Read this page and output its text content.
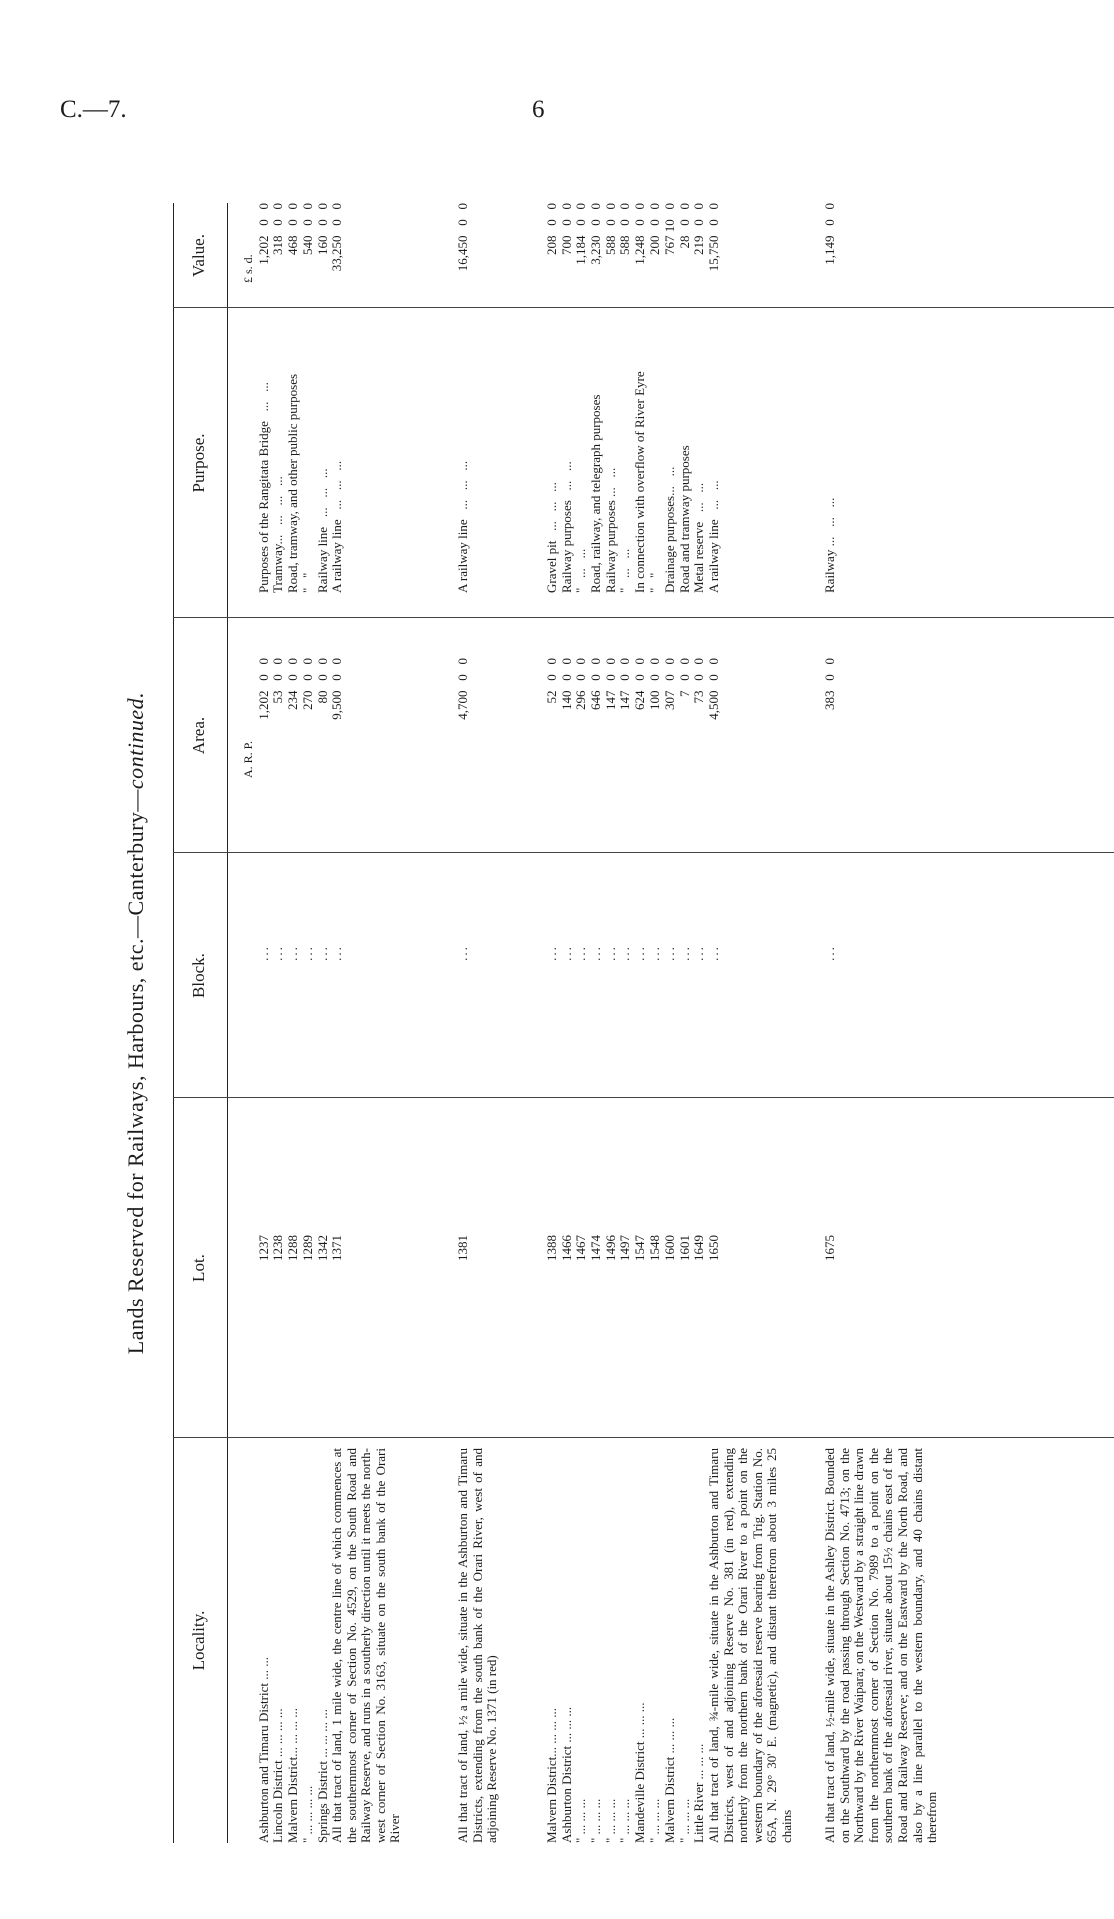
C.—7.	6
Lands Reserved for Railways, Harbours, etc.—Canterbury—continued.
Locality.
Lot.
Block.
Area.
Purpose.
Value.
A. R. P.
£ s. d.
Ashburton and Timaru District ... ...
1237
...
1,202   0   0
Purposes of the Rangitata Bridge   ...   ...
1,202   0   0
Lincoln District ... ... ... ...
1238
...
53   0   0
Tramway...   ...   ...   ...
318   0   0
Malvern District... ... ... ...
1288
...
234   0   0
Road, tramway, and other public purposes
468   0   0
" ... ... ... ...
1289
...
270   0   0
"   "
540   0   0
Springs District ... ... ... ...
1342
...
80   0   0
Railway line   ...   ...   ...
160   0   0
All that tract of land, 1 mile wide, the centre line of which commences at the southernmost corner of Section No. 4529, on the South Road and Railway Reserve, and runs in a southerly direction until it meets the north-west corner of Section No. 3163, situate on the south bank of the Orari River
1371
...
9,500   0   0
A railway line   ...   ...   ...
33,250   0   0
All that tract of land, ½ a mile wide, situate in the Ashburton and Timaru Districts, extending from the south bank of the Orari River, west of and adjoining Reserve No. 1371 (in red)
1381
...
4,700   0   0
A railway line   ...   ...   ...
16,450   0   0
Malvern District... ... ... ...
1388
...
52   0   0
Gravel pit   ...   ...   ...
208   0   0
Ashburton District ... ... ...
1466
...
140   0   0
Railway purposes   ...   ...
700   0   0
" ... ... ...
1467
...
296   0   0
"   ...   ...
1,184   0   0
" ... ... ...
1474
...
646   0   0
Road, railway, and telegraph purposes
3,230   0   0
" ... ... ...
1496
...
147   0   0
Railway purposes ...   ...
588   0   0
" ... ... ...
1497
...
147   0   0
"   ...   ...
588   0   0
Mandeville District ... ... ...
1547
...
624   0   0
In connection with overflow of River Eyre
1,248   0   0
" ... ... ...
1548
...
100   0   0
"   "
200   0   0
Malvern District ... ... ...
1600
...
307   0   0
Drainage purposes...   ...
767 10   0
" ... ... ...
1601
...
7   0   0
Road and tramway purposes
28   0   0
Little River ... ... ...
1649
...
73   0   0
Metal reserve   ...   ...
219   0   0
All that tract of land, ¾-mile wide, situate in the Ashburton and Timaru Districts, west of and adjoining Reserve No. 381 (in red), extending northerly from the northern bank of the Orari River to a point on the western boundary of the aforesaid reserve bearing from Trig. Station No. 65A, N. 29° 30' E. (magnetic), and distant therefrom about 3 miles 25 chains
1650
...
4,500   0   0
A railway line   ...   ...
15,750   0   0
All that tract of land, ½-mile wide, situate in the Ashley District. Bounded on the Southward by the road passing through Section No. 4713; on the Northward by the River Waipara; on the Westward by a straight line drawn from the northernmost corner of Section No. 7989 to a point on the southern bank of the aforesaid river, situate about 15½ chains east of the Road and Railway Reserve; and on the Eastward by the North Road, and also by a line parallel to the western boundary, and 40 chains distant therefrom
1675
...
383   0   0
Railway ...   ...   ...
1,149   0   0
